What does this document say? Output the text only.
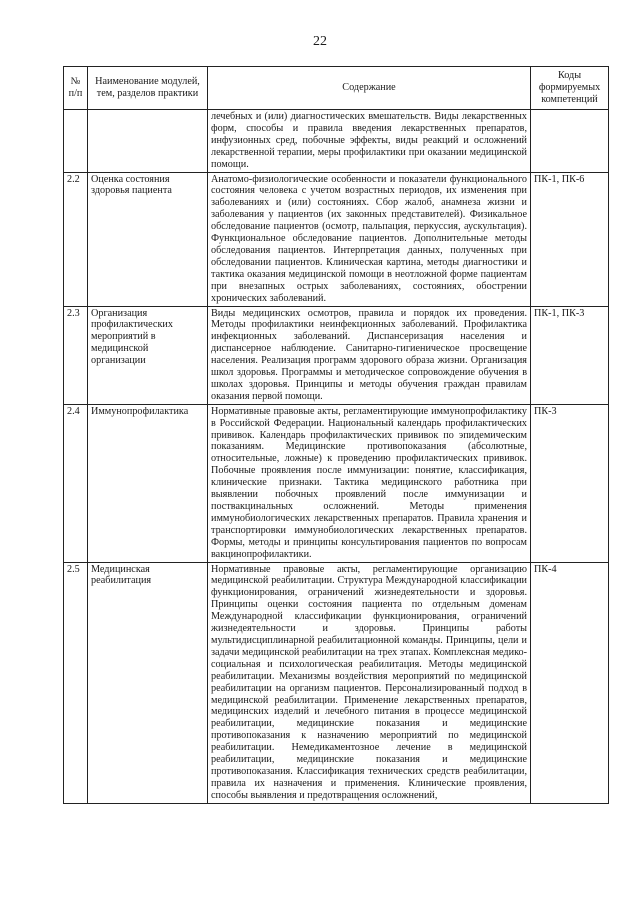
22
№ п/п	Наименование модулей, тем, разделов практики	Содержание	Коды формируемых компетенций
		лечебных и (или) диагностических вмешательств. Виды лекарственных форм, способы и правила введения лекарственных препаратов, инфузионных сред, побочные эффекты, виды реакций и осложнений лекарственной терапии, меры профилактики при оказании медицинской помощи.	
2.2	Оценка состояния здоровья пациента	Анатомо-физиологические особенности и показатели функционального состояния человека с учетом возрастных периодов, их изменения при заболеваниях и (или) состояниях. Сбор жалоб, анамнеза жизни и заболевания у пациентов (их законных представителей). Физикальное обследование пациентов (осмотр, пальпация, перкуссия, аускультация). Функциональное обследование пациентов. Дополнительные методы обследования пациентов. Интерпретация данных, полученных при обследовании пациентов. Клиническая картина, методы диагностики и тактика оказания медицинской помощи в неотложной форме пациентам при внезапных острых заболеваниях, состояниях, обострении хронических заболеваний.	ПК-1, ПК-6
2.3	Организация профилактических мероприятий в медицинской организации	Виды медицинских осмотров, правила и порядок их проведения. Методы профилактики неинфекционных заболеваний. Профилактика инфекционных заболеваний. Диспансеризация населения и диспансерное наблюдение. Санитарно-гигиеническое просвещение населения. Реализация программ здорового образа жизни. Организация школ здоровья. Программы и методическое сопровождение обучения в школах здоровья. Принципы и методы обучения граждан правилам оказания первой помощи.	ПК-1, ПК-3
2.4	Иммунопрофилактика	Нормативные правовые акты, регламентирующие иммунопрофилактику в Российской Федерации. Национальный календарь профилактических прививок. Календарь профилактических прививок по эпидемическим показаниям. Медицинские противопоказания (абсолютные, относительные, ложные) к проведению профилактических прививок. Побочные проявления после иммунизации: понятие, классификация, клинические признаки. Тактика медицинского работника при выявлении побочных проявлений после иммунизации и поствакцинальных осложнений. Методы применения иммунобиологических лекарственных препаратов. Правила хранения и транспортировки иммунобиологических лекарственных препаратов. Формы, методы и принципы консультирования пациентов по вопросам вакцинопрофилактики.	ПК-3
2.5	Медицинская реабилитация	Нормативные правовые акты, регламентирующие организацию медицинской реабилитации. Структура Международной классификации функционирования, ограничений жизнедеятельности и здоровья. Принципы оценки состояния пациента по отдельным доменам Международной классификации функционирования, ограничений жизнедеятельности и здоровья. Принципы работы мультидисциплинарной реабилитационной команды. Принципы, цели и задачи медицинской реабилитации на трех этапах. Комплексная медико-социальная и психологическая реабилитация. Методы медицинской реабилитации. Механизмы воздействия мероприятий по медицинской реабилитации на организм пациентов. Персонализированный подход в медицинской реабилитации. Применение лекарственных препаратов, медицинских изделий и лечебного питания в процессе медицинской реабилитации, медицинские показания и медицинские противопоказания к назначению мероприятий по медицинской реабилитации. Немедикаментозное лечение в медицинской реабилитации, медицинские показания и медицинские противопоказания. Классификация технических средств реабилитации, правила их назначения и применения. Клинические проявления, способы выявления и предотвращения осложнений,	ПК-4
